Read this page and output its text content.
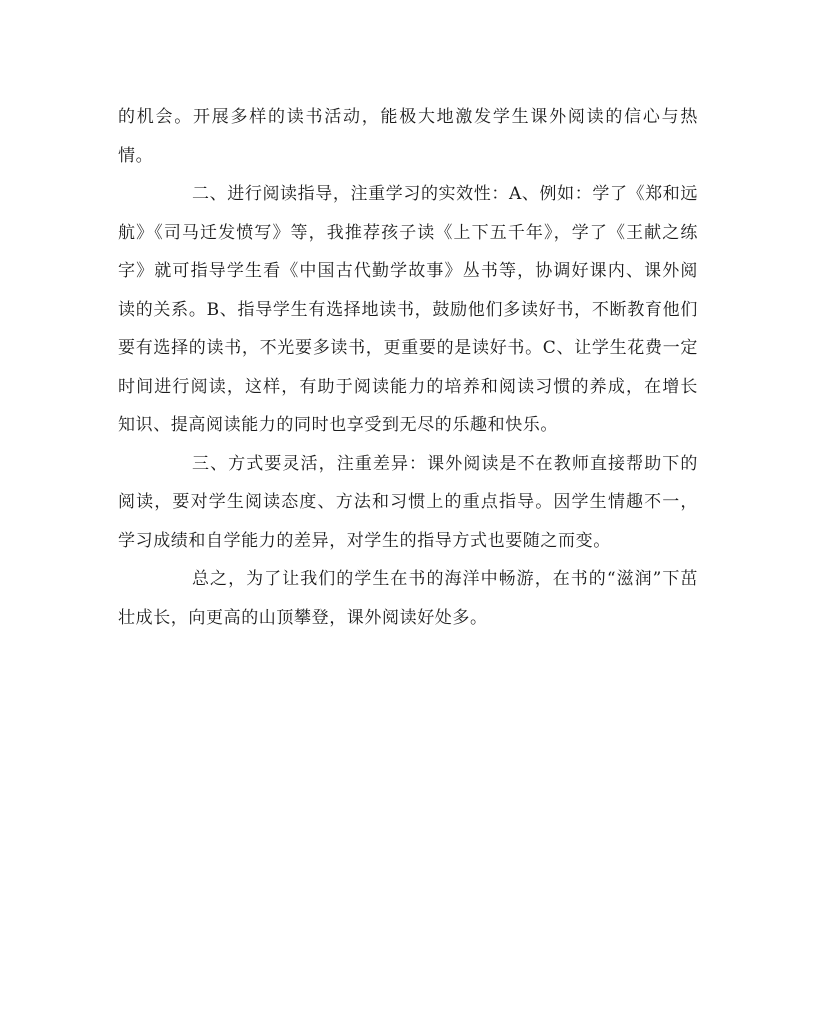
的机会。开展多样的读书活动，能极大地激发学生课外阅读的信心与热情。

二、进行阅读指导，注重学习的实效性：A、例如：学了《郑和远航》《司马迁发愤写》等，我推荐孩子读《上下五千年》，学了《王献之练字》就可指导学生看《中国古代勤学故事》丛书等，协调好课内、课外阅读的关系。B、指导学生有选择地读书，鼓励他们多读好书，不断教育他们要有选择的读书，不光要多读书，更重要的是读好书。C、让学生花费一定时间进行阅读，这样，有助于阅读能力的培养和阅读习惯的养成，在增长知识、提高阅读能力的同时也享受到无尽的乐趣和快乐。

三、方式要灵活，注重差异：课外阅读是不在教师直接帮助下的阅读，要对学生阅读态度、方法和习惯上的重点指导。因学生情趣不一，学习成绩和自学能力的差异，对学生的指导方式也要随之而变。

总之，为了让我们的学生在书的海洋中畅游，在书的“滋润”下茁壮成长，向更高的山顶攀登，课外阅读好处多。
